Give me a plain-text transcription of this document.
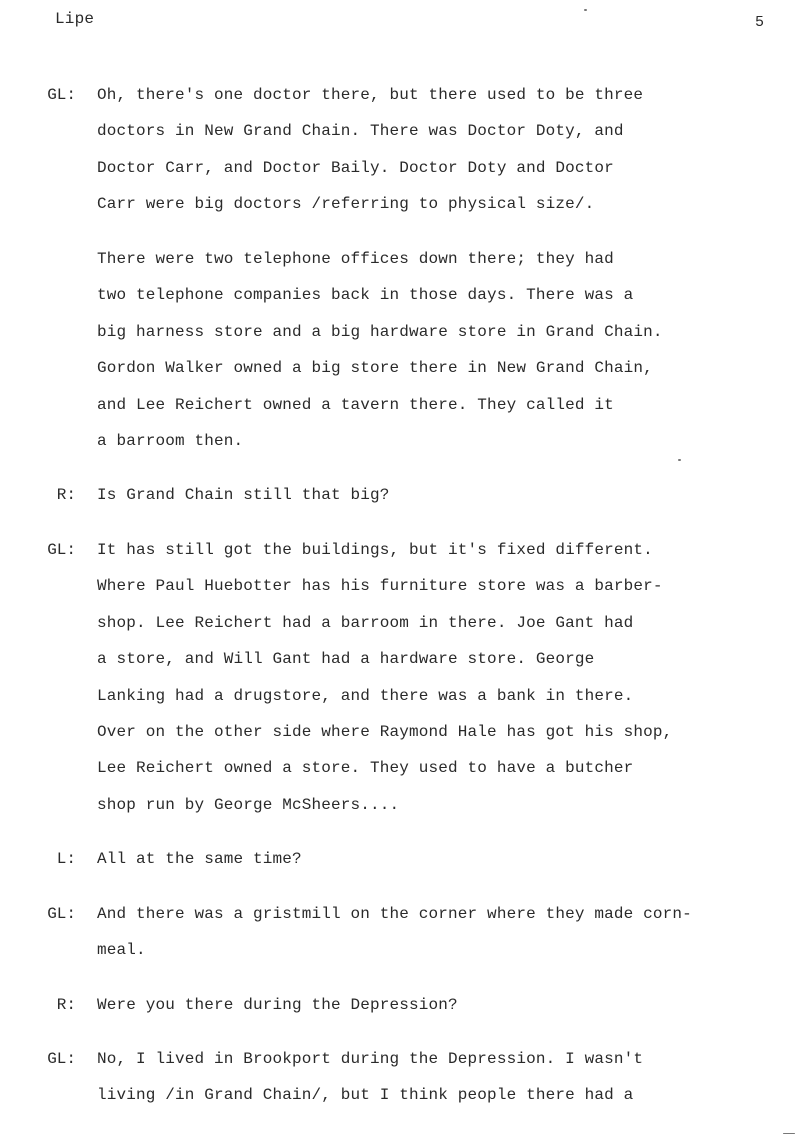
Lipe	5
GL: Oh, there's one doctor there, but there used to be three
doctors in New Grand Chain. There was Doctor Doty, and
Doctor Carr, and Doctor Baily. Doctor Doty and Doctor
Carr were big doctors /referring to physical size/.
There were two telephone offices down there; they had
two telephone companies back in those days. There was a
big harness store and a big hardware store in Grand Chain.
Gordon Walker owned a big store there in New Grand Chain,
and Lee Reichert owned a tavern there. They called it
a barroom then.
R: Is Grand Chain still that big?
GL: It has still got the buildings, but it's fixed different.
Where Paul Huebotter has his furniture store was a barber-
shop. Lee Reichert had a barroom in there. Joe Gant had
a store, and Will Gant had a hardware store. George
Lanking had a drugstore, and there was a bank in there.
Over on the other side where Raymond Hale has got his shop,
Lee Reichert owned a store. They used to have a butcher
shop run by George McSheers....
L: All at the same time?
GL: And there was a gristmill on the corner where they made corn-
meal.
R: Were you there during the Depression?
GL: No, I lived in Brookport during the Depression. I wasn't
living /in Grand Chain/, but I think people there had a
